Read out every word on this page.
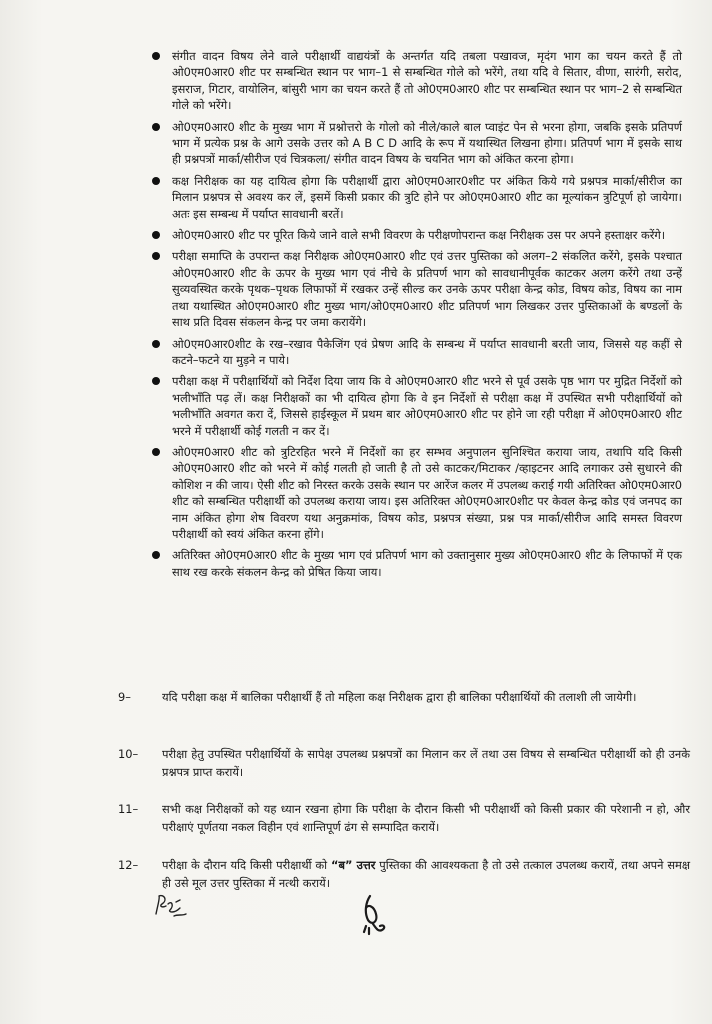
संगीत वादन विषय लेने वाले परीक्षार्थी वाद्ययंत्रों के अन्तर्गत यदि तबला पखावज, मृदंग भाग का चयन करते हैं तो ओ0एम0आर0 शीट पर सम्बन्धित स्थान पर भाग–1 से सम्बन्धित गोले को भरेंगे, तथा यदि वे सितार, वीणा, सारंगी, सरोद, इसराज, गिटार, वायोलिन, बांसुरी भाग का चयन करते हैं तो ओ0एम0आर0 शीट पर सम्बन्धित स्थान पर भाग–2 से सम्बन्धित गोले को भरेंगे।
ओ0एम0आर0 शीट के मुख्य भाग में प्रश्नोत्तरो के गोलो को नीले/काले बाल प्वाइंट पेन से भरना होगा, जबकि इसके प्रतिपर्ण भाग में प्रत्येक प्रश्न के आगे उसके उत्तर को A B C D आदि के रूप में यथास्थित लिखना होगा। प्रतिपर्ण भाग में इसके साथ ही प्रश्नपत्रों मार्का/सीरीज एवं चित्रकला/ संगीत वादन विषय के चयनित भाग को अंकित करना होगा।
कक्ष निरीक्षक का यह दायित्व होगा कि परीक्षार्थी द्वारा ओ0एम0आर0शीट पर अंकित किये गये प्रश्नपत्र मार्का/सीरीज का मिलान प्रश्नपत्र से अवश्य कर लें, इसमें किसी प्रकार की त्रुटि होने पर ओ0एम0आर0 शीट का मूल्यांकन त्रुटिपूर्ण हो जायेगा। अतः इस सम्बन्ध में पर्याप्त सावधानी बरतें।
ओ0एम0आर0 शीट पर पूरित किये जाने वाले सभी विवरण के परीक्षणोपरान्त कक्ष निरीक्षक उस पर अपने हस्ताक्षर करेंगे।
परीक्षा समाप्ति के उपरान्त कक्ष निरीक्षक ओ0एम0आर0 शीट एवं उत्तर पुस्तिका को अलग–2 संकलित करेंगे, इसके पश्चात ओ0एम0आर0 शीट के ऊपर के मुख्य भाग एवं नीचे के प्रतिपर्ण भाग को सावधानीपूर्वक काटकर अलग करेंगे तथा उन्हें सुव्यवस्थित करके पृथक–पृथक लिफाफों में रखकर उन्हें सील्ड कर उनके ऊपर परीक्षा केन्द्र कोड, विषय कोड, विषय का नाम तथा यथास्थित ओ0एम0आर0 शीट मुख्य भाग/ओ0एम0आर0 शीट प्रतिपर्ण भाग लिखकर उत्तर पुस्तिकाओं के बण्डलों के साथ प्रति दिवस संकलन केन्द्र पर जमा करायेंगे।
ओ0एम0आर0शीट के रख–रखाव पैकेजिंग एवं प्रेषण आदि के सम्बन्ध में पर्याप्त सावधानी बरती जाय, जिससे यह कहीं से कटने–फटने या मुड़ने न पाये।
परीक्षा कक्ष में परीक्षार्थियों को निर्देश दिया जाय कि वे ओ0एम0आर0 शीट भरने से पूर्व उसके पृष्ठ भाग पर मुद्रित निर्देशों को भलीभाँति पढ़ लें। कक्ष निरीक्षकों का भी दायित्व होगा कि वे इन निर्देशों से परीक्षा कक्ष में उपस्थित सभी परीक्षार्थियों को भलीभाँति अवगत करा दें, जिससे हाईस्कूल में प्रथम बार ओ0एम0आर0 शीट पर होने जा रही परीक्षा में ओ0एम0आर0 शीट भरने में परीक्षार्थी कोई गलती न कर दें।
ओ0एम0आर0 शीट को त्रुटिरहित भरने में निर्देशों का हर सम्भव अनुपालन सुनिश्चित कराया जाय, तथापि यदि किसी ओ0एम0आर0 शीट को भरने में कोई गलती हो जाती है तो उसे काटकर/मिटाकर /व्हाइटनर आदि लगाकर उसे सुधारने की कोशिश न की जाय। ऐसी शीट को निरस्त करके उसके स्थान पर आरेंज कलर में उपलब्ध कराई गयी अतिरिक्त ओ0एम0आर0 शीट को सम्बन्धित परीक्षार्थी को उपलब्ध कराया जाय। इस अतिरिक्त ओ0एम0आर0शीट पर केवल केन्द्र कोड एवं जनपद का नाम अंकित होगा शेष विवरण यथा अनुक्रमांक, विषय कोड, प्रश्नपत्र संख्या, प्रश्न पत्र मार्का/सीरीज आदि समस्त विवरण परीक्षार्थी को स्वयं अंकित करना होंगे।
अतिरिक्त ओ0एम0आर0 शीट के मुख्य भाग एवं प्रतिपर्ण भाग को उक्तानुसार मुख्य ओ0एम0आर0 शीट के लिफाफों में एक साथ रख करके संकलन केन्द्र को प्रेषित किया जाय।
9–	यदि परीक्षा कक्ष में बालिका परीक्षार्थी हैं तो महिला कक्ष निरीक्षक द्वारा ही बालिका परीक्षार्थियों की तलाशी ली जायेगी।
10–	परीक्षा हेतु उपस्थित परीक्षार्थियों के सापेक्ष उपलब्ध प्रश्नपत्रों का मिलान कर लें तथा उस विषय से सम्बन्धित परीक्षार्थी को ही उनके प्रश्नपत्र प्राप्त करायें।
11–	सभी कक्ष निरीक्षकों को यह ध्यान रखना होगा कि परीक्षा के दौरान किसी भी परीक्षार्थी को किसी प्रकार की परेशानी न हो, और परीक्षाएं पूर्णतया नकल विहीन एवं शान्तिपूर्ण ढंग से सम्पादित करायें।
12–	परीक्षा के दौरान यदि किसी परीक्षार्थी को “ब” उत्तर पुस्तिका की आवश्यकता है तो उसे तत्काल उपलब्ध करायें, तथा अपने समक्ष ही उसे मूल उत्तर पुस्तिका में नत्थी करायें।
